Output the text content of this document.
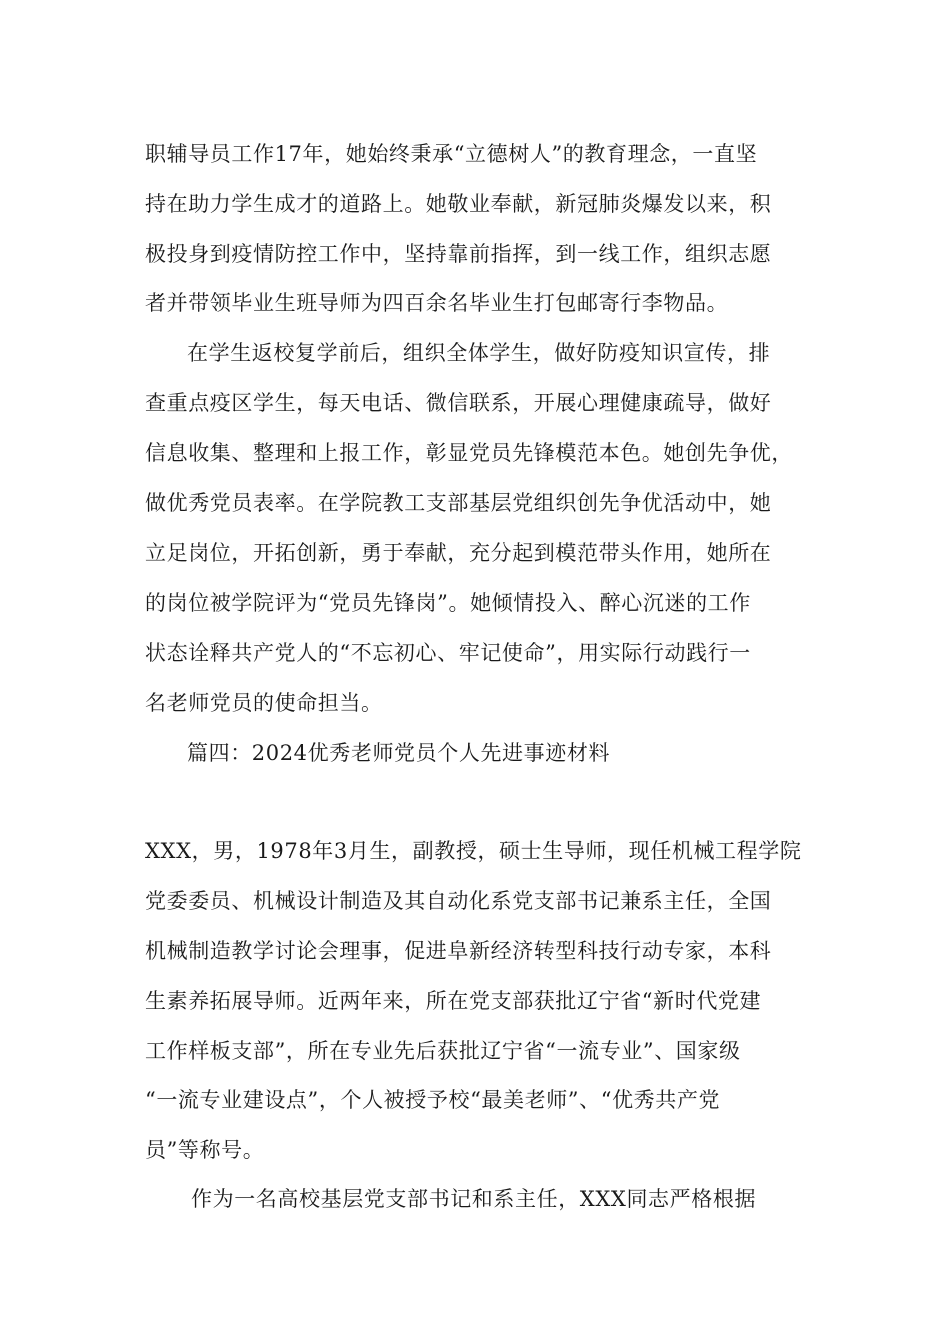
职辅导员工作17年，她始终秉承“立德树人”的教育理念，一直坚
持在助力学生成才的道路上。她敬业奉献，新冠肺炎爆发以来，积
极投身到疫情防控工作中，坚持靠前指挥，到一线工作，组织志愿
者并带领毕业生班导师为四百余名毕业生打包邮寄行李物品。
在学生返校复学前后，组织全体学生，做好防疫知识宣传，排
查重点疫区学生，每天电话、微信联系，开展心理健康疏导，做好
信息收集、整理和上报工作，彰显党员先锋模范本色。她创先争优，
做优秀党员表率。在学院教工支部基层党组织创先争优活动中，她
立足岗位，开拓创新，勇于奉献，充分起到模范带头作用，她所在
的岗位被学院评为“党员先锋岗”。她倾情投入、醉心沉迷的工作
状态诠释共产党人的“不忘初心、牢记使命”，用实际行动践行一
名老师党员的使命担当。
篇四：2024优秀老师党员个人先进事迹材料
XXX，男，1978年3月生，副教授，硕士生导师，现任机械工程学院
党委委员、机械设计制造及其自动化系党支部书记兼系主任，全国
机械制造教学讨论会理事，促进阜新经济转型科技行动专家，本科
生素养拓展导师。近两年来，所在党支部获批辽宁省“新时代党建
工作样板支部”，所在专业先后获批辽宁省“一流专业”、国家级
“一流专业建设点”，个人被授予校“最美老师”、“优秀共产党
员”等称号。
作为一名高校基层党支部书记和系主任，XXX同志严格根据
